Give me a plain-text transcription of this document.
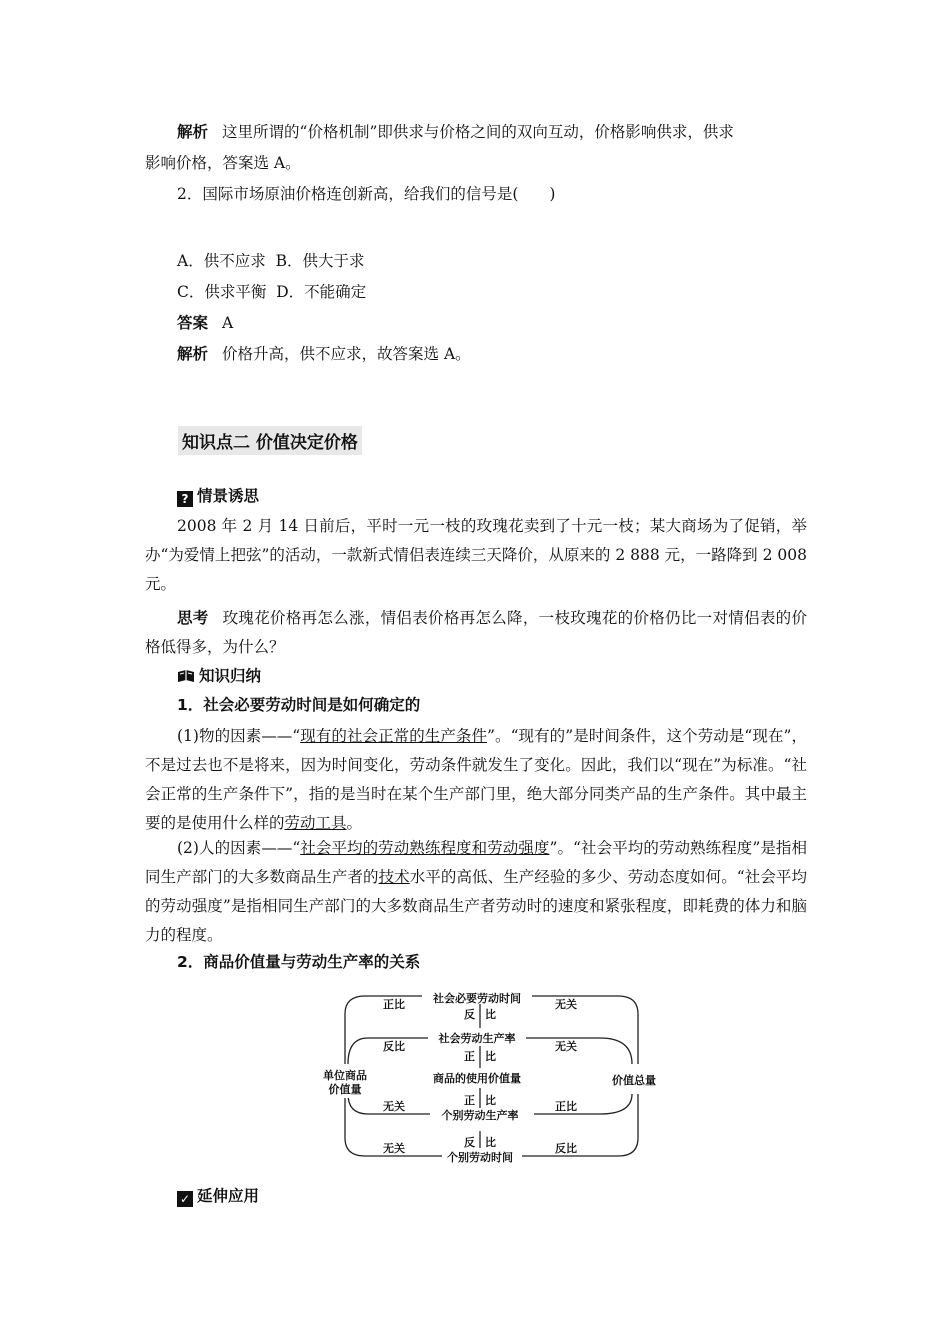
解析 这里所谓的“价格机制”即供求与价格之间的双向互动，价格影响供求，供求
影响价格，答案选 A。
2．国际市场原油价格连创新高，给我们的信号是(　　)
A．供不应求 B．供大于求
C．供求平衡 D．不能确定
答案 A
解析 价格升高，供不应求，故答案选 A。
知识点二 价值决定价格
? 情景诱思
2008 年 2 月 14 日前后，平时一元一枝的玫瑰花卖到了十元一枝；某大商场为了促销，举办“为爱情上把弦”的活动，一款新式情侣表连续三天降价，从原来的 2 888 元，一路降到 2 008 元。
思考 玫瑰花价格再怎么涨，情侣表价格再怎么降，一枝玫瑰花的价格仍比一对情侣表的价格低得多，为什么？
知识归纳
1．社会必要劳动时间是如何确定的
(1)物的因素——“现有的社会正常的生产条件”。“现有的”是时间条件，这个劳动是“现在”，不是过去也不是将来，因为时间变化，劳动条件就发生了变化。因此，我们以“现在”为标准。“社会正常的生产条件下”，指的是当时在某个生产部门里，绝大部分同类产品的生产条件。其中最主要的是使用什么样的劳动工具。
(2)人的因素——“社会平均的劳动熟练程度和劳动强度”。“社会平均的劳动熟练程度”是指相同生产部门的大多数商品生产者的技术水平的高低、生产经验的多少、劳动态度如何。“社会平均的劳动强度”是指相同生产部门的大多数商品生产者劳动时的速度和紧张程度，即耗费的体力和脑力的程度。
2．商品价值量与劳动生产率的关系
社会必要劳动时间
反 比
社会劳动生产率
正 比
商品的使用价值量
正 比
个别劳动生产率
反 比
个别劳动时间
单位商品
价值量
价值总量
正比
反比
无关
无关
无关
无关
正比
反比
✓ 延伸应用
